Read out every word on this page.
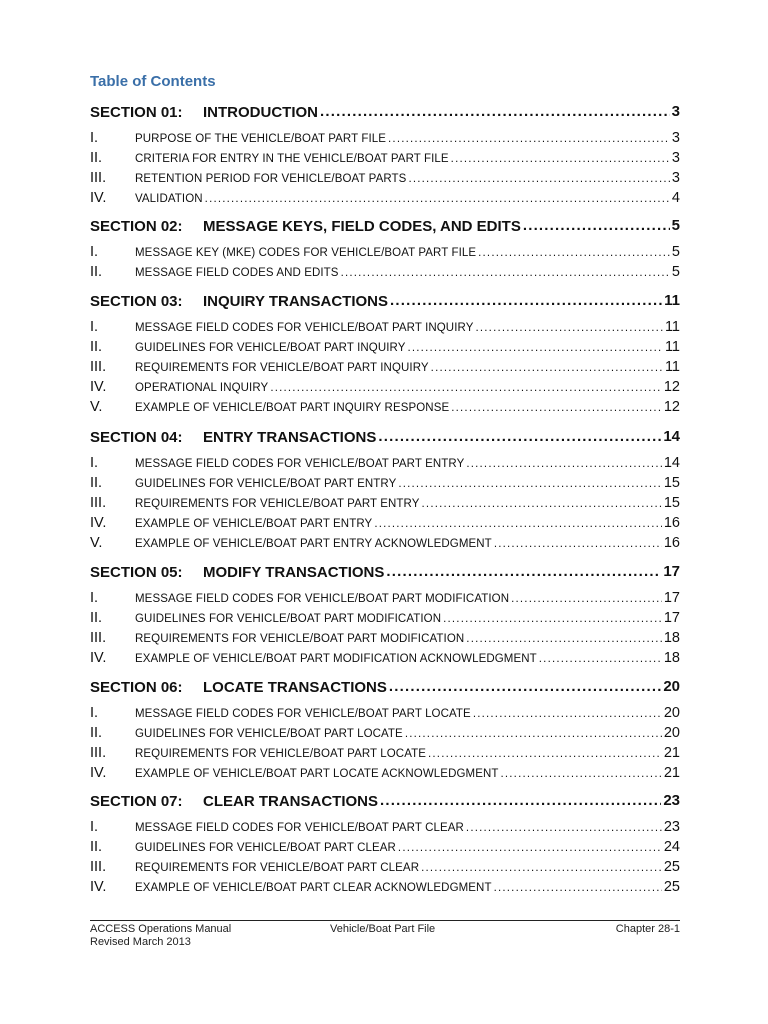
Table of Contents
SECTION 01:	INTRODUCTION .....	3
I.	PURPOSE OF THE VEHICLE/BOAT PART FILE .....	3
II.	CRITERIA FOR ENTRY IN THE VEHICLE/BOAT PART FILE .....	3
III.	RETENTION PERIOD FOR VEHICLE/BOAT PARTS .....	3
IV.	VALIDATION .....	4
SECTION 02:	MESSAGE KEYS, FIELD CODES, AND EDITS .....	5
I.	MESSAGE KEY (MKE) CODES FOR VEHICLE/BOAT PART FILE .....	5
II.	MESSAGE FIELD CODES AND EDITS .....	5
SECTION 03:	INQUIRY TRANSACTIONS .....	11
I.	MESSAGE FIELD CODES FOR VEHICLE/BOAT PART INQUIRY .....	11
II.	GUIDELINES FOR VEHICLE/BOAT PART INQUIRY .....	11
III.	REQUIREMENTS FOR VEHICLE/BOAT PART INQUIRY .....	11
IV.	OPERATIONAL INQUIRY .....	12
V.	EXAMPLE OF VEHICLE/BOAT PART INQUIRY RESPONSE .....	12
SECTION 04:	ENTRY TRANSACTIONS .....	14
I.	MESSAGE FIELD CODES FOR VEHICLE/BOAT PART ENTRY .....	14
II.	GUIDELINES FOR VEHICLE/BOAT PART ENTRY .....	15
III.	REQUIREMENTS FOR VEHICLE/BOAT PART ENTRY .....	15
IV.	EXAMPLE OF VEHICLE/BOAT PART ENTRY .....	16
V.	EXAMPLE OF VEHICLE/BOAT PART ENTRY ACKNOWLEDGMENT .....	16
SECTION 05:	MODIFY TRANSACTIONS .....	17
I.	MESSAGE FIELD CODES FOR VEHICLE/BOAT PART MODIFICATION .....	17
II.	GUIDELINES FOR VEHICLE/BOAT PART MODIFICATION .....	17
III.	REQUIREMENTS FOR VEHICLE/BOAT PART MODIFICATION .....	18
IV.	EXAMPLE OF VEHICLE/BOAT PART MODIFICATION ACKNOWLEDGMENT .....	18
SECTION 06:	LOCATE TRANSACTIONS .....	20
I.	MESSAGE FIELD CODES FOR VEHICLE/BOAT PART LOCATE .....	20
II.	GUIDELINES FOR VEHICLE/BOAT PART LOCATE .....	20
III.	REQUIREMENTS FOR VEHICLE/BOAT PART LOCATE .....	21
IV.	EXAMPLE OF VEHICLE/BOAT PART LOCATE ACKNOWLEDGMENT .....	21
SECTION 07:	CLEAR TRANSACTIONS .....	23
I.	MESSAGE FIELD CODES FOR VEHICLE/BOAT PART CLEAR .....	23
II.	GUIDELINES FOR VEHICLE/BOAT PART CLEAR .....	24
III.	REQUIREMENTS FOR VEHICLE/BOAT PART CLEAR .....	25
IV.	EXAMPLE OF VEHICLE/BOAT PART CLEAR ACKNOWLEDGMENT .....	25
ACCESS Operations Manual
Revised March 2013
Vehicle/Boat Part File	Chapter 28-1
